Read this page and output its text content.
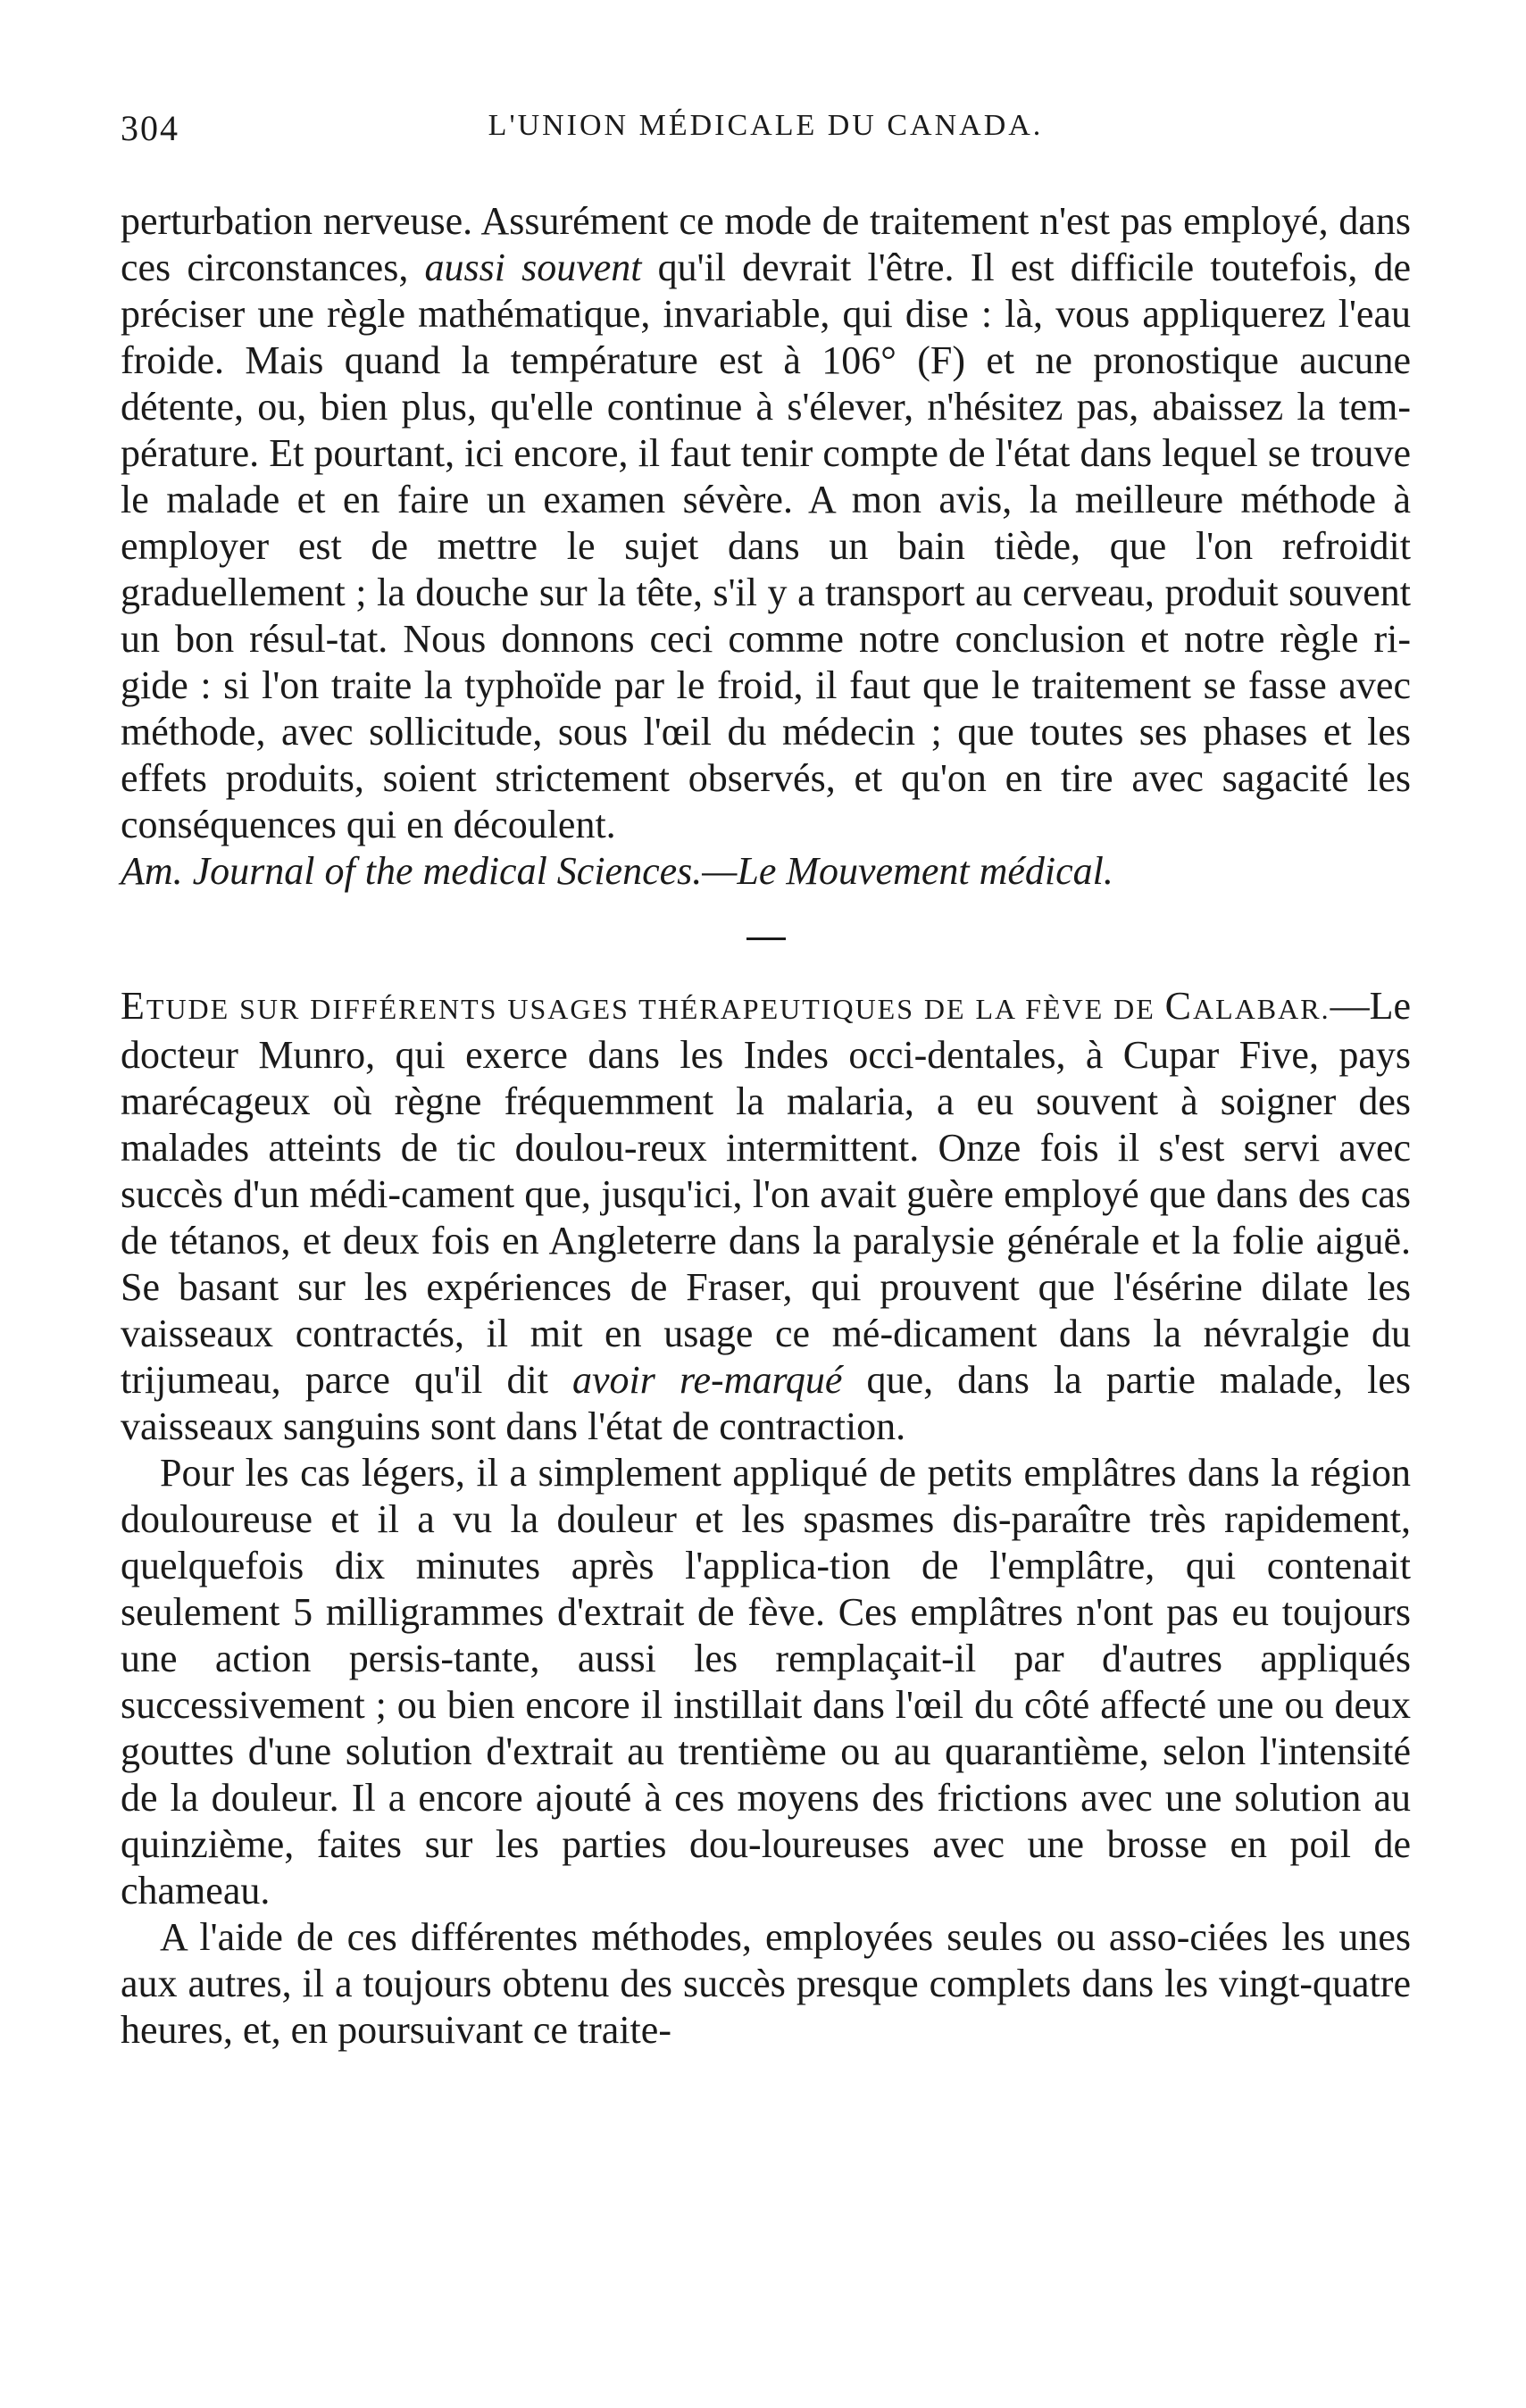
304	L'UNION MÉDICALE DU CANADA.

perturbation nerveuse. Assurément ce mode de traitement n'est pas employé, dans ces circonstances, aussi souvent qu'il devrait l'être. Il est difficile toutefois, de préciser une règle mathématique, invariable, qui dise : là, vous appliquerez l'eau froide. Mais quand la température est à 106° (F) et ne pronostique aucune détente, ou, bien plus, qu'elle continue à s'élever, n'hésitez pas, abaissez la tem-pérature. Et pourtant, ici encore, il faut tenir compte de l'état dans lequel se trouve le malade et en faire un examen sévère. A mon avis, la meilleure méthode à employer est de mettre le sujet dans un bain tiède, que l'on refroidit graduellement ; la douche sur la tête, s'il y a transport au cerveau, produit souvent un bon résul-tat. Nous donnons ceci comme notre conclusion et notre règle ri-gide : si l'on traite la typhoïde par le froid, il faut que le traitement se fasse avec méthode, avec sollicitude, sous l'œil du médecin ; que toutes ses phases et les effets produits, soient strictement observés, et qu'on en tire avec sagacité les conséquences qui en découlent.

Am. Journal of the medical Sciences.—Le Mouvement médical.

ETUDE SUR DIFFÉRENTS USAGES THÉRAPEUTIQUES DE LA FÈVE DE CALABAR.—Le docteur Munro, qui exerce dans les Indes occi-dentales, à Cupar Five, pays marécageux où règne fréquemment la malaria, a eu souvent à soigner des malades atteints de tic doulou-reux intermittent. Onze fois il s'est servi avec succès d'un médi-cament que, jusqu'ici, l'on avait guère employé que dans des cas de tétanos, et deux fois en Angleterre dans la paralysie générale et la folie aiguë. Se basant sur les expériences de Fraser, qui prouvent que l'ésérine dilate les vaisseaux contractés, il mit en usage ce mé-dicament dans la névralgie du trijumeau, parce qu'il dit avoir re-marqué que, dans la partie malade, les vaisseaux sanguins sont dans l'état de contraction.

Pour les cas légers, il a simplement appliqué de petits emplâtres dans la région douloureuse et il a vu la douleur et les spasmes dis-paraître très rapidement, quelquefois dix minutes après l'applica-tion de l'emplâtre, qui contenait seulement 5 milligrammes d'extrait de fève. Ces emplâtres n'ont pas eu toujours une action persis-tante, aussi les remplaçait-il par d'autres appliqués successivement ; ou bien encore il instillait dans l'œil du côté affecté une ou deux gouttes d'une solution d'extrait au trentième ou au quarantième, selon l'intensité de la douleur. Il a encore ajouté à ces moyens des frictions avec une solution au quinzième, faites sur les parties dou-loureuses avec une brosse en poil de chameau.

A l'aide de ces différentes méthodes, employées seules ou asso-ciées les unes aux autres, il a toujours obtenu des succès presque complets dans les vingt-quatre heures, et, en poursuivant ce traite-
